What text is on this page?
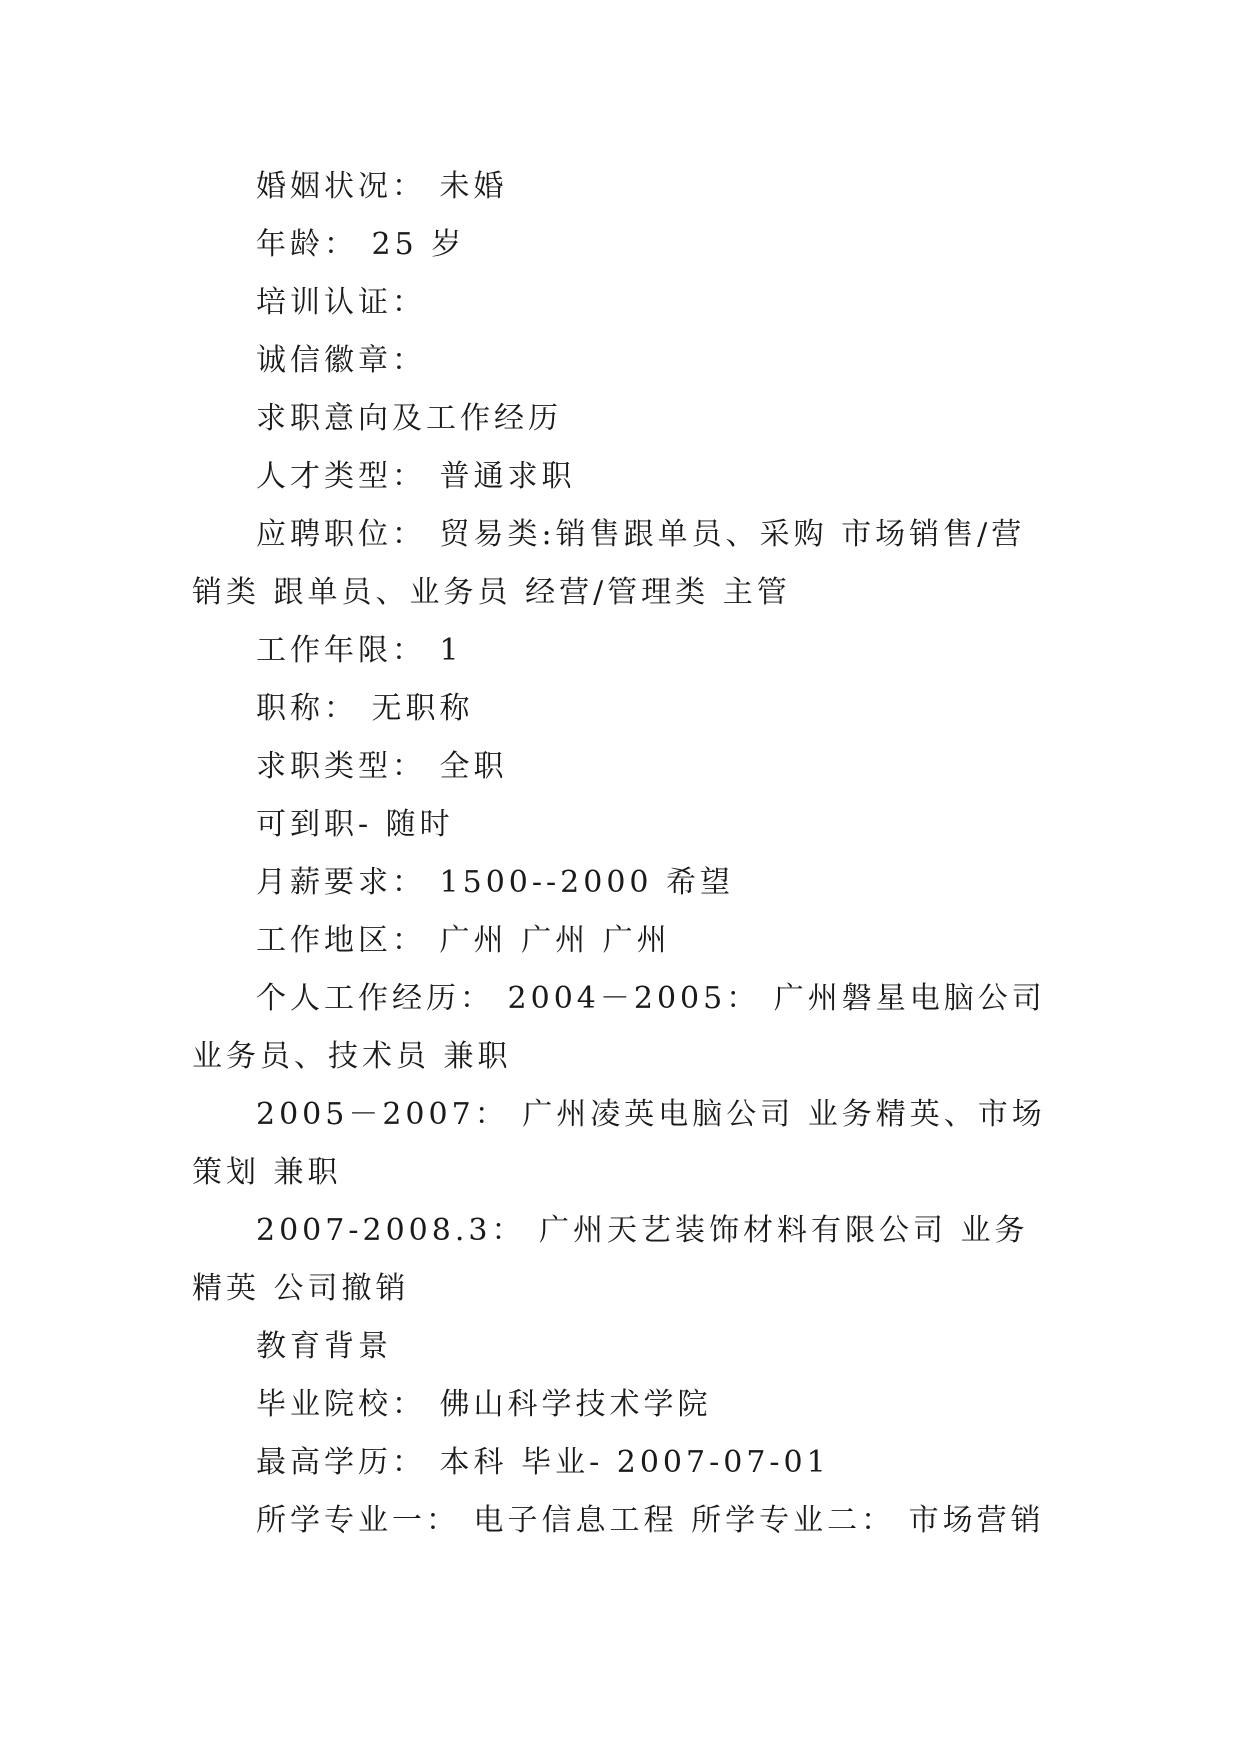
婚姻状况： 未婚

年龄： 25 岁

培训认证：

诚信徽章：

求职意向及工作经历

人才类型： 普通求职

应聘职位： 贸易类:销售跟单员、采购 市场销售/营销类 跟单员、业务员 经营/管理类 主管

工作年限： 1

职称： 无职称

求职类型： 全职

可到职- 随时

月薪要求： 1500--2000 希望

工作地区： 广州 广州 广州

个人工作经历： 2004－2005： 广州磐星电脑公司 业务员、技术员 兼职

2005－2007： 广州凌英电脑公司 业务精英、市场策划 兼职

2007-2008.3： 广州天艺装饰材料有限公司 业务精英 公司撤销

教育背景

毕业院校： 佛山科学技术学院

最高学历： 本科 毕业- 2007-07-01

所学专业一： 电子信息工程 所学专业二： 市场营销
